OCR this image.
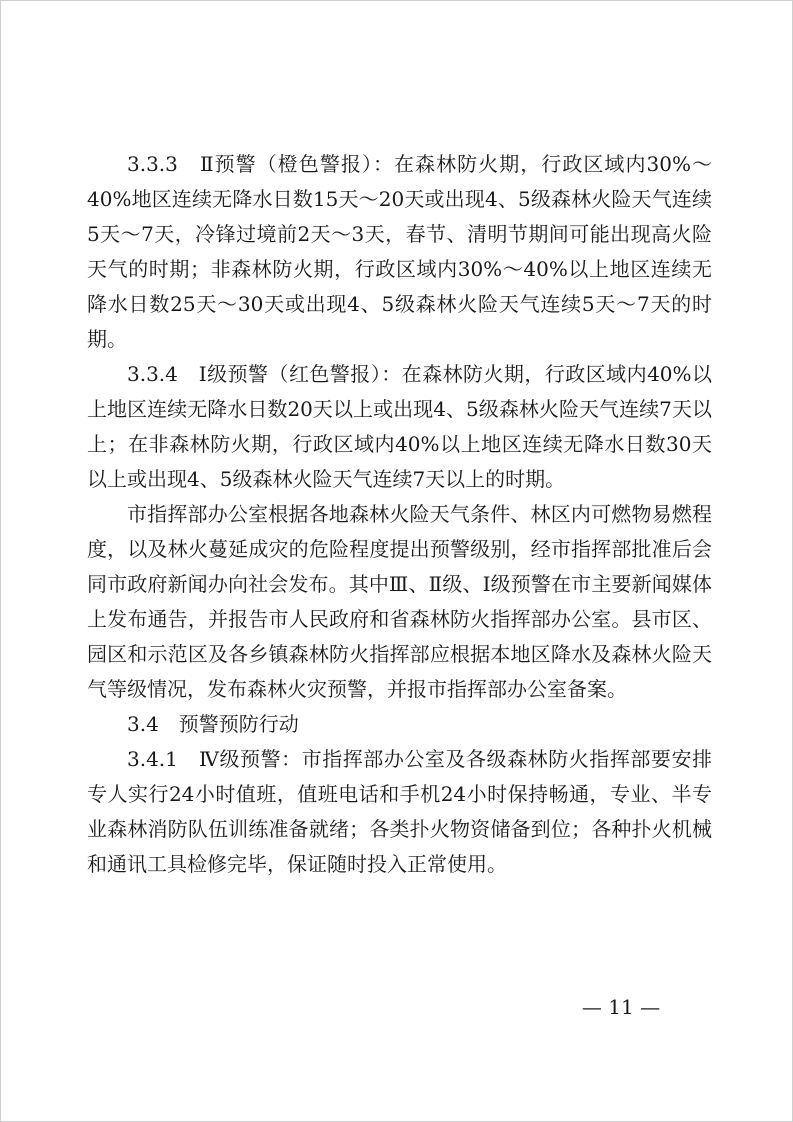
3.3.3　Ⅱ预警（橙色警报）：在森林防火期，行政区域内30%～40%地区连续无降水日数15天～20天或出现4、5级森林火险天气连续5天～7天，冷锋过境前2天～3天，春节、清明节期间可能出现高火险天气的时期；非森林防火期，行政区域内30%～40%以上地区连续无降水日数25天～30天或出现4、5级森林火险天气连续5天～7天的时期。

3.3.4　Ⅰ级预警（红色警报）：在森林防火期，行政区域内40%以上地区连续无降水日数20天以上或出现4、5级森林火险天气连续7天以上；在非森林防火期，行政区域内40%以上地区连续无降水日数30天以上或出现4、5级森林火险天气连续7天以上的时期。

市指挥部办公室根据各地森林火险天气条件、林区内可燃物易燃程度，以及林火蔓延成灾的危险程度提出预警级别，经市指挥部批准后会同市政府新闻办向社会发布。其中Ⅲ、Ⅱ级、Ⅰ级预警在市主要新闻媒体上发布通告，并报告市人民政府和省森林防火指挥部办公室。县市区、园区和示范区及各乡镇森林防火指挥部应根据本地区降水及森林火险天气等级情况，发布森林火灾预警，并报市指挥部办公室备案。

3.4　预警预防行动

3.4.1　Ⅳ级预警：市指挥部办公室及各级森林防火指挥部要安排专人实行24小时值班，值班电话和手机24小时保持畅通，专业、半专业森林消防队伍训练准备就绪；各类扑火物资储备到位；各种扑火机械和通讯工具检修完毕，保证随时投入正常使用。

— 11 —
